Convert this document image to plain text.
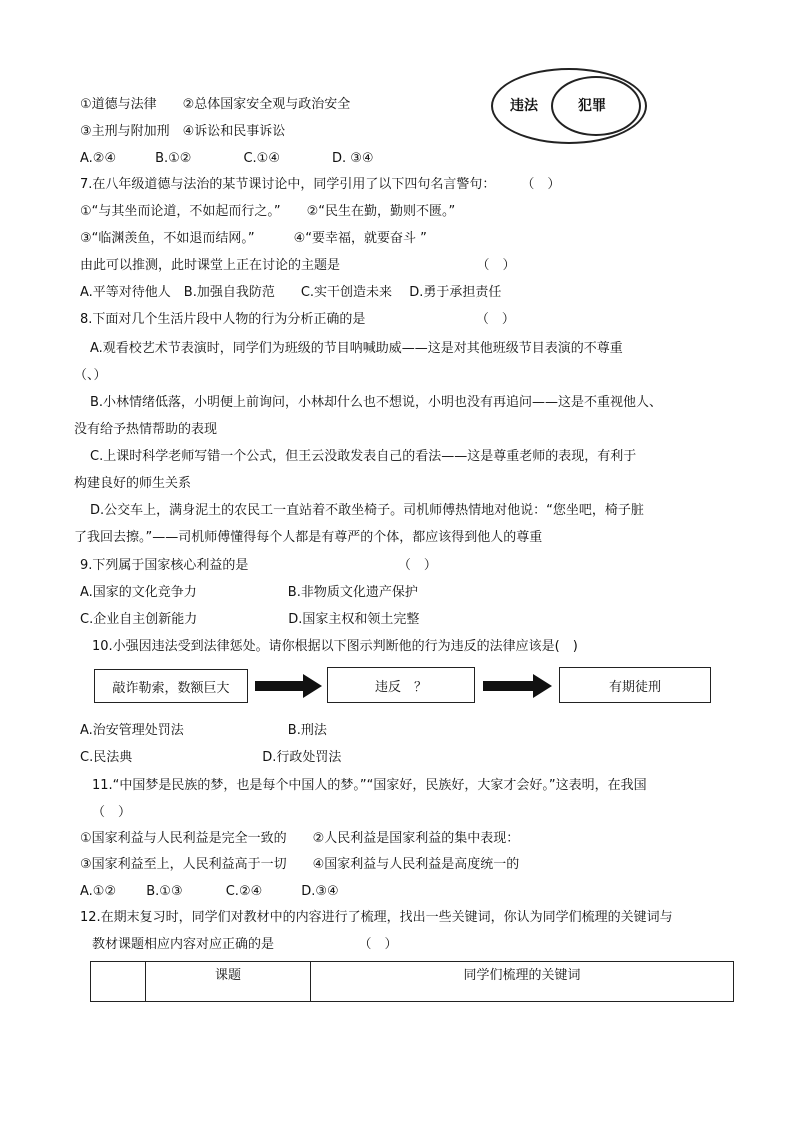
①道德与法律　　②总体国家安全观与政治安全
③主刑与附加刑　④诉讼和民事诉讼
A.②④　　　B.①②　　　　C.①④　　　　D. ③④
7.在八年级道德与法治的某节课讨论中，同学引用了以下四句名言警句：　　　（　）
①“与其坐而论道，不如起而行之。”　　②“民生在勤，勤则不匮。”
③“临渊羡鱼，不如退而结网。”　　　④“要幸福，就要奋斗 ”
由此可以推测，此时课堂上正在讨论的主题是　　　　　　　　　　　（　）
A.平等对待他人　B.加强自我防范　　C.实干创造未来　 D.勇于承担责任
8.下面对几个生活片段中人物的行为分析正确的是　　　　　　　　　（　）
A.观看校艺术节表演时，同学们为班级的节目呐喊助威——这是对其他班级节目表演的不尊重
（、）
B.小林情绪低落，小明便上前询问，小林却什么也不想说，小明也没有再追问——这是不重视他人、
没有给予热情帮助的表现
C.上课时科学老师写错一个公式，但王云没敢发表自己的看法——这是尊重老师的表现，有利于
构建良好的师生关系
D.公交车上，满身泥土的农民工一直站着不敢坐椅子。司机师傅热情地对他说：“您坐吧，椅子脏
了我回去擦。”——司机师傅懂得每个人都是有尊严的个体，都应该得到他人的尊重
9.下列属于国家核心利益的是　　　　　　　　　　　　（　）
A.国家的文化竞争力　　　　　　　B.非物质文化遗产保护
C.企业自主创新能力　　　　　　　D.国家主权和领土完整
10.小强因违法受到法律惩处。请你根据以下图示判断他的行为违反的法律应该是(　)
A.治安管理处罚法　　　　　　　　B.刑法
C.民法典　　　　　　　　　　D.行政处罚法
11.“中国梦是民族的梦，也是每个中国人的梦。”“国家好，民族好，大家才会好。”这表明，在我国
（　）
①国家利益与人民利益是完全一致的　　②人民利益是国家利益的集中表现：
③国家利益至上，人民利益高于一切　　④国家利益与人民利益是高度统一的
A.①②　　 B.①③　　　 C.②④　　　D.③④
12.在期末复习时，同学们对教材中的内容进行了梳理，找出一些关键词，你认为同学们梳理的关键词与
教材课题相应内容对应正确的是　　　　　　　（　）
违法	犯罪
敲诈勒索，数额巨大	违反　？	有期徒刑
	课题	同学们梳理的关键词
